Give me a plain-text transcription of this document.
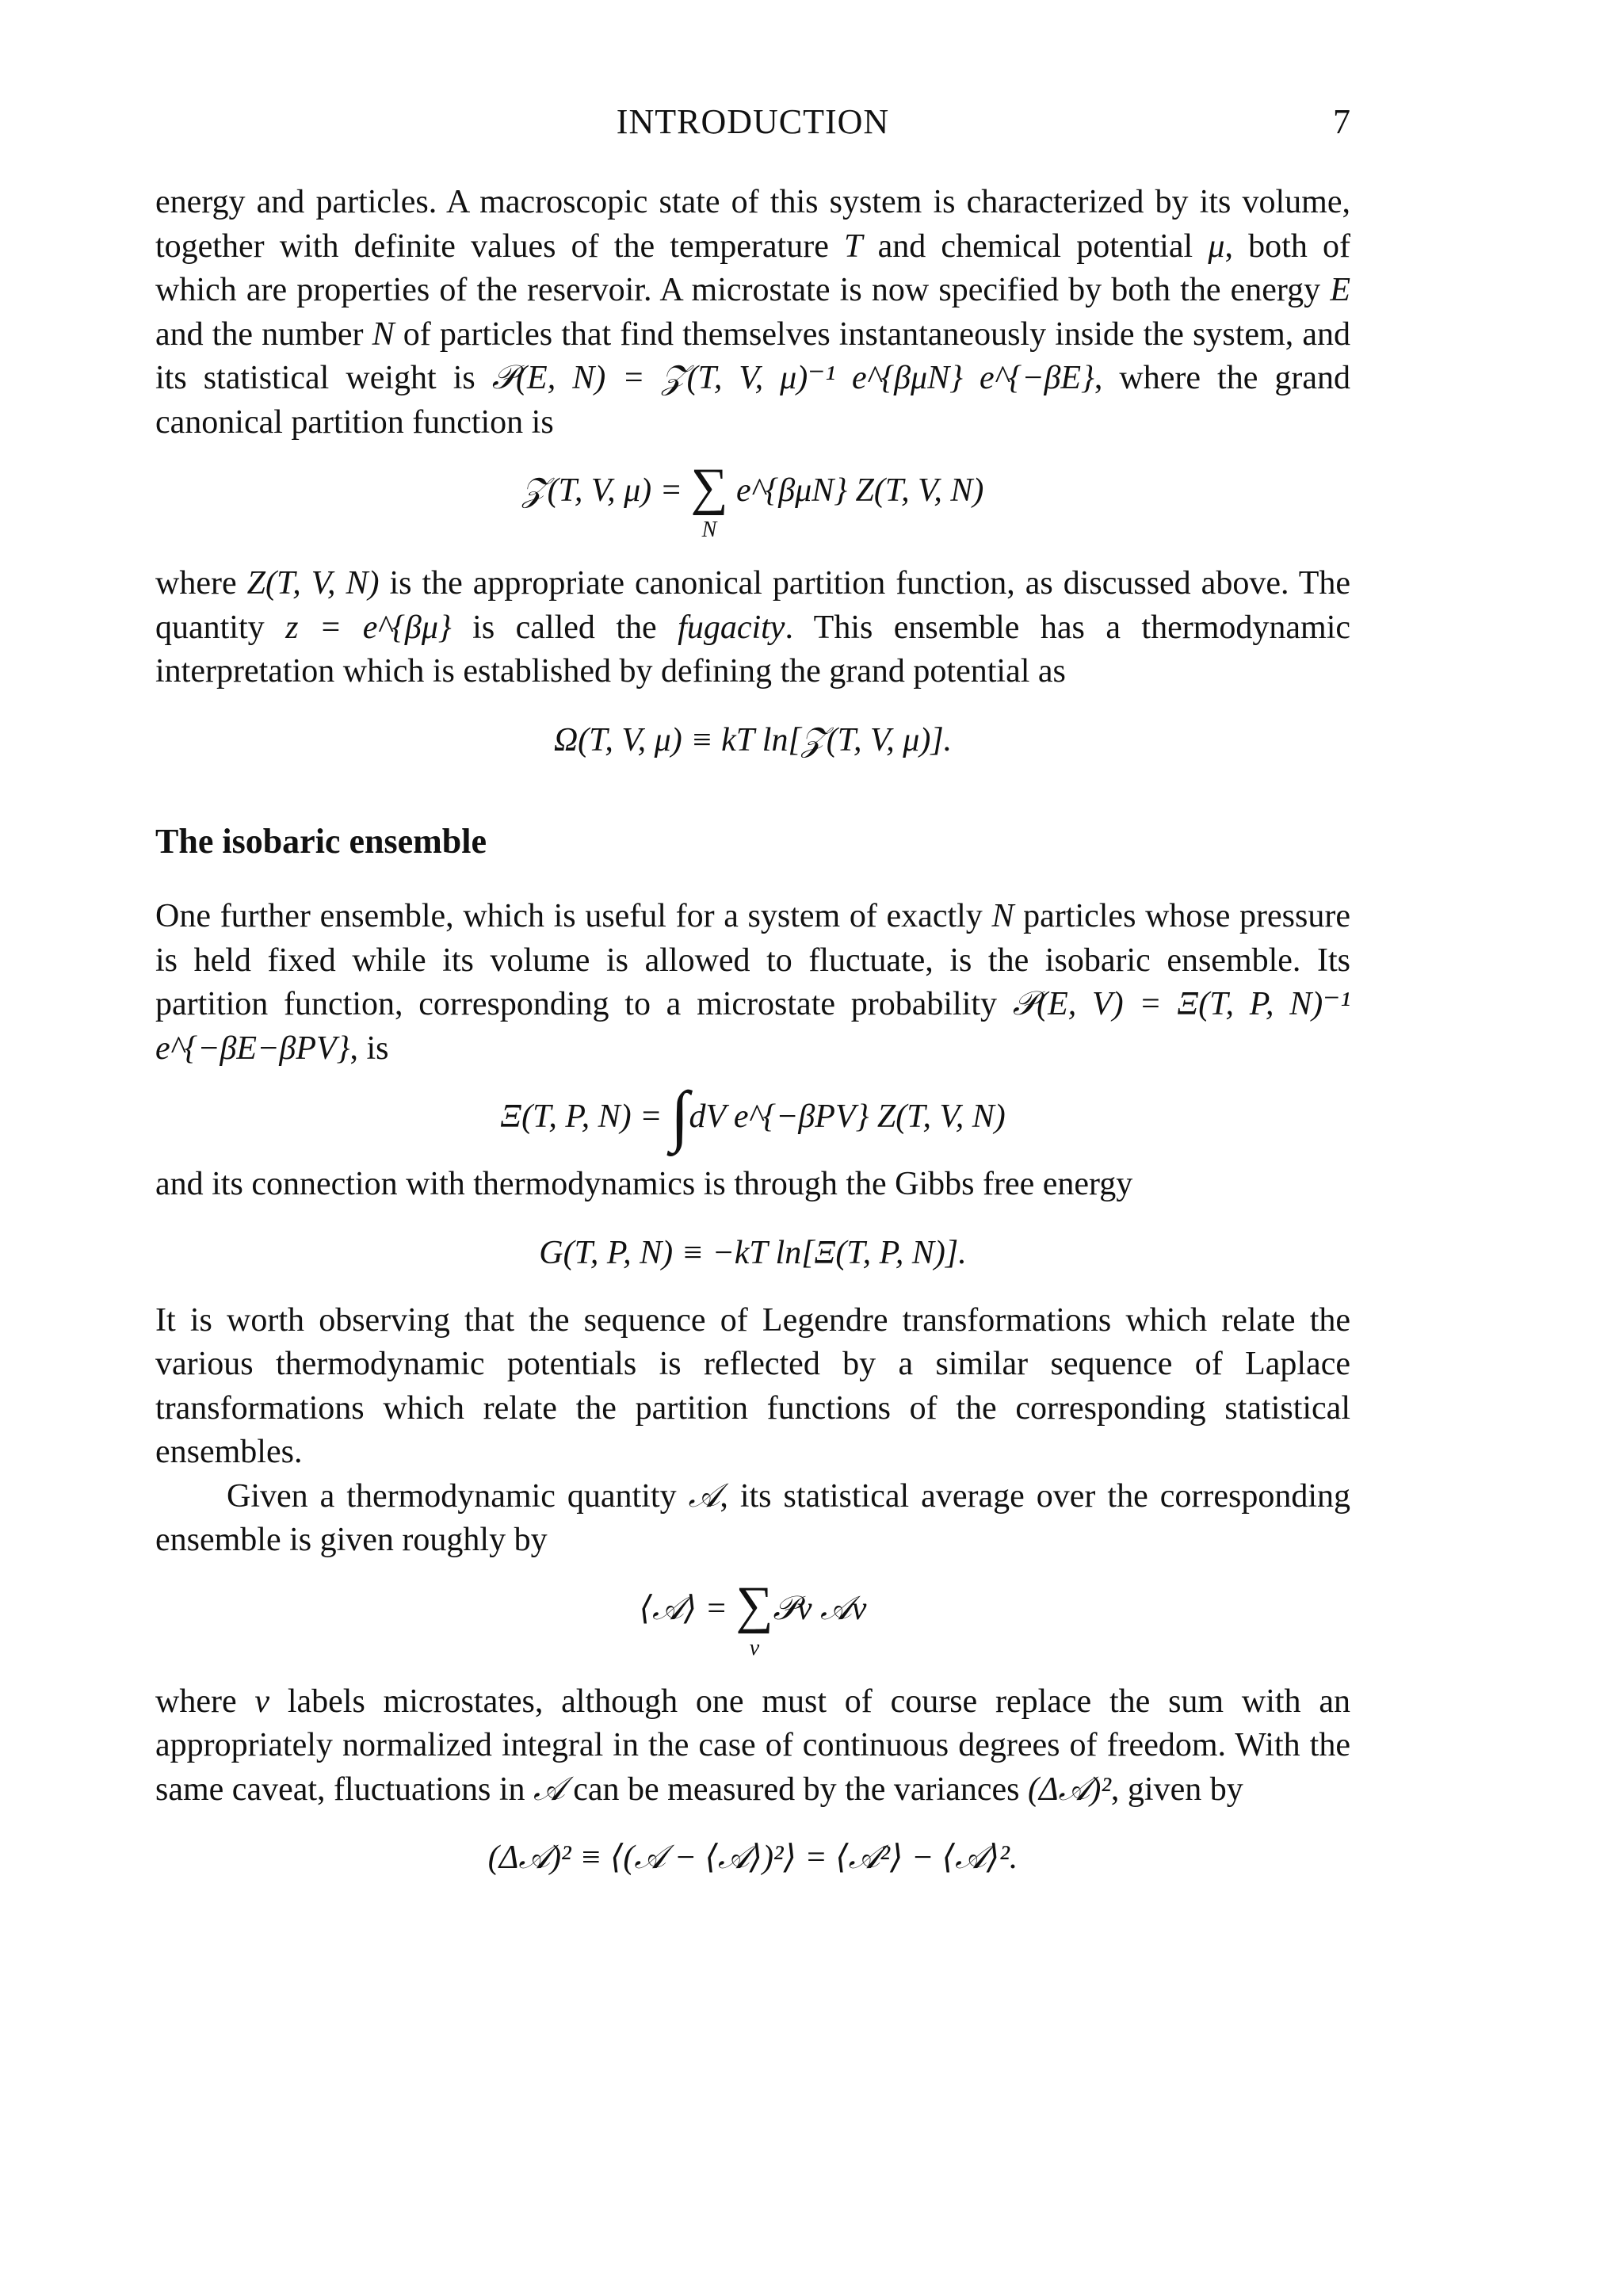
INTRODUCTION	7

energy and particles. A macroscopic state of this system is characterized by its volume, together with definite values of the temperature T and chemical potential μ, both of which are properties of the reservoir. A microstate is now specified by both the energy E and the number N of particles that find themselves instantaneously inside the system, and its statistical weight is 𝒫(E, N) = 𝒵(T, V, μ)⁻¹ e^{βμN} e^{−βE}, where the grand canonical partition function is

𝒵(T, V, μ) = ∑
N
e^{βμN} Z(T, V, N)

where Z(T, V, N) is the appropriate canonical partition function, as discussed above. The quantity z = e^{βμ} is called the fugacity. This ensemble has a thermodynamic interpretation which is established by defining the grand potential as

Ω(T, V, μ) ≡ kT ln[𝒵(T, V, μ)].
The isobaric ensemble

One further ensemble, which is useful for a system of exactly N particles whose pressure is held fixed while its volume is allowed to fluctuate, is the isobaric ensemble. Its partition function, corresponding to a microstate probability 𝒫(E, V) = Ξ(T, P, N)⁻¹ e^{−βE−βPV}, is

Ξ(T, P, N) = ∫dV e^{−βPV} Z(T, V, N)

and its connection with thermodynamics is through the Gibbs free energy

G(T, P, N) ≡ −kT ln[Ξ(T, P, N)].

It is worth observing that the sequence of Legendre transformations which relate the various thermodynamic potentials is reflected by a similar sequence of Laplace transformations which relate the partition functions of the corresponding statistical ensembles.

Given a thermodynamic quantity 𝒜, its statistical average over the corresponding ensemble is given roughly by

⟨𝒜⟩ = ∑
ν
𝒫ν 𝒜ν

where ν labels microstates, although one must of course replace the sum with an appropriately normalized integral in the case of continuous degrees of freedom. With the same caveat, fluctuations in 𝒜 can be measured by the variances (Δ𝒜)², given by

(Δ𝒜)² ≡ ⟨(𝒜 − ⟨𝒜⟩)²⟩ = ⟨𝒜²⟩ − ⟨𝒜⟩².
